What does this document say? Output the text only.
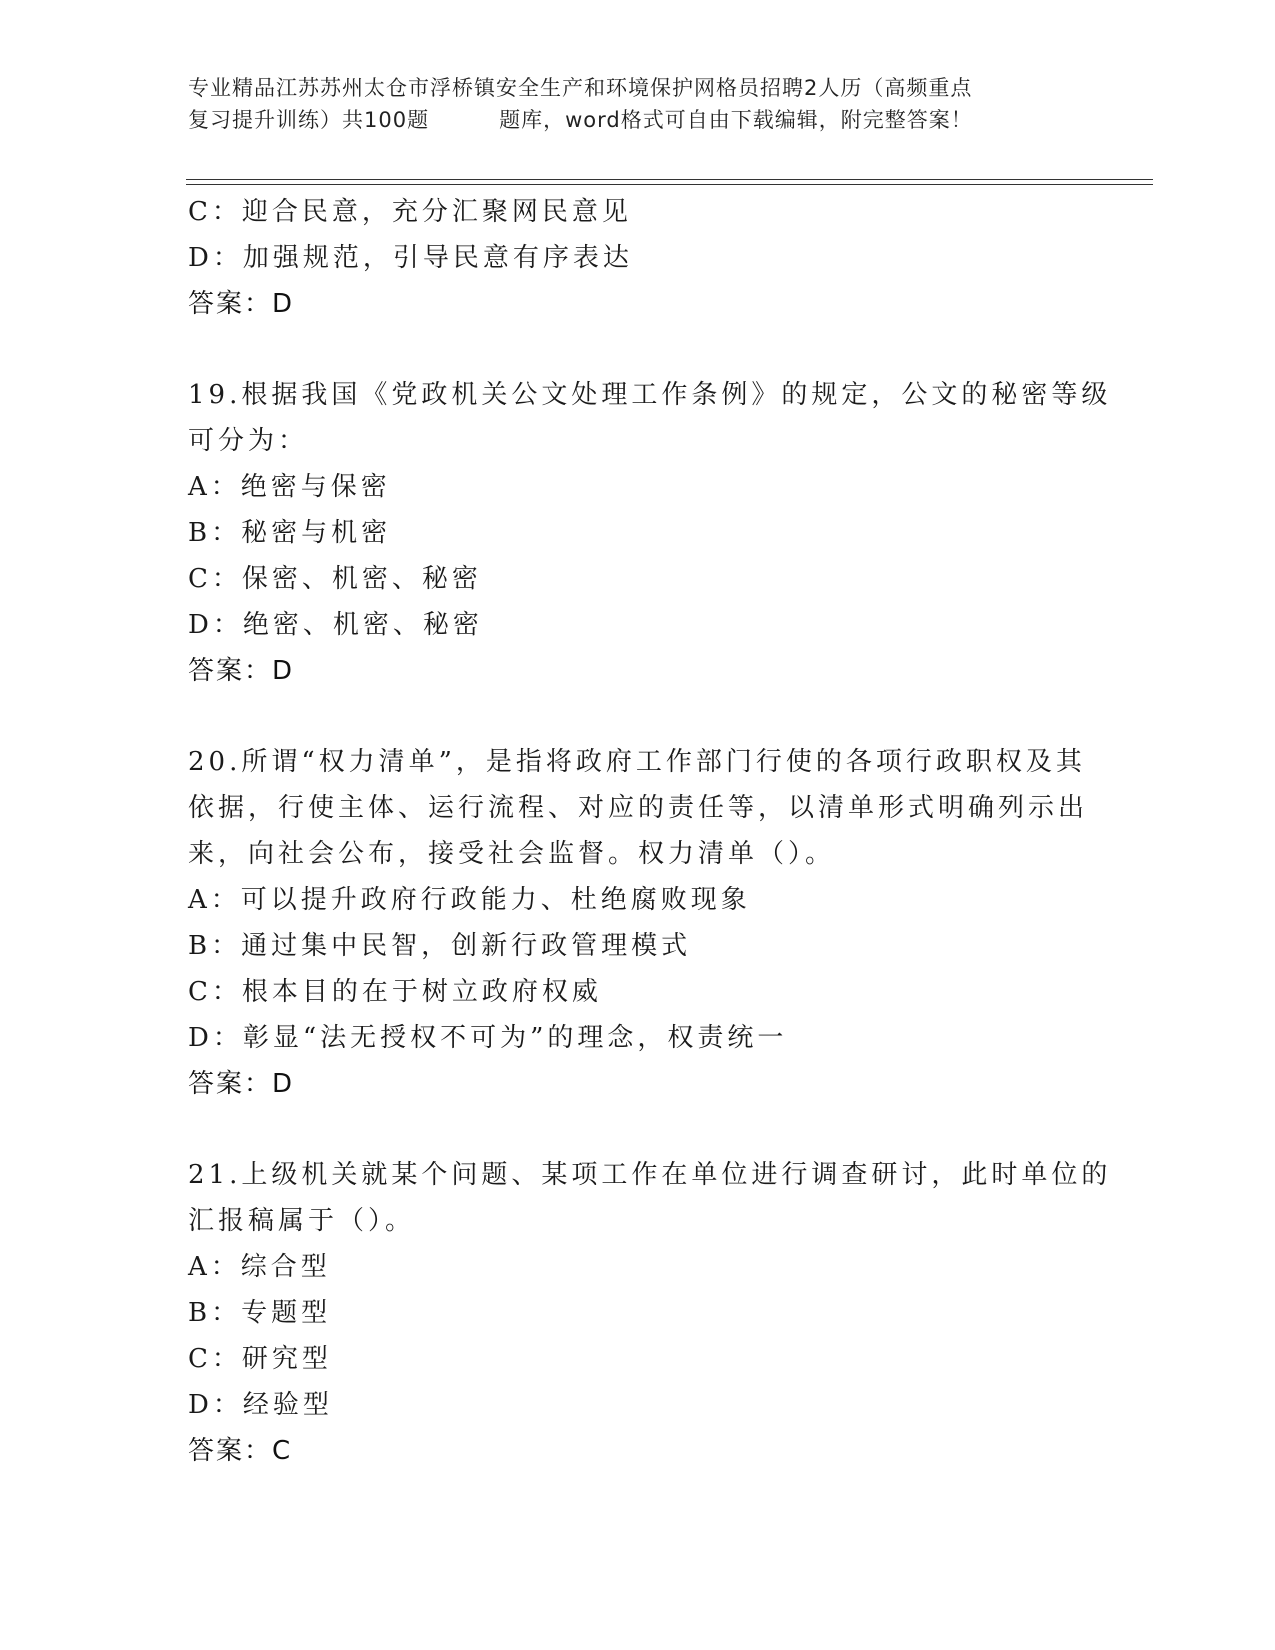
专业精品江苏苏州太仓市浮桥镇安全生产和环境保护网格员招聘2人历（高频重点
复习提升训练）共100题	题库，word格式可自由下载编辑，附完整答案！
C：迎合民意，充分汇聚网民意见
D：加强规范，引导民意有序表达
答案：D
19.根据我国《党政机关公文处理工作条例》的规定，公文的秘密等级
可分为：
A：绝密与保密
B：秘密与机密
C：保密、机密、秘密
D：绝密、机密、秘密
答案：D
20.所谓“权力清单”，是指将政府工作部门行使的各项行政职权及其
依据，行使主体、运行流程、对应的责任等，以清单形式明确列示出
来，向社会公布，接受社会监督。权力清单（）。
A：可以提升政府行政能力、杜绝腐败现象
B：通过集中民智，创新行政管理模式
C：根本目的在于树立政府权威
D：彰显“法无授权不可为”的理念，权责统一
答案：D
21.上级机关就某个问题、某项工作在单位进行调查研讨，此时单位的
汇报稿属于（）。
A：综合型
B：专题型
C：研究型
D：经验型
答案：C
